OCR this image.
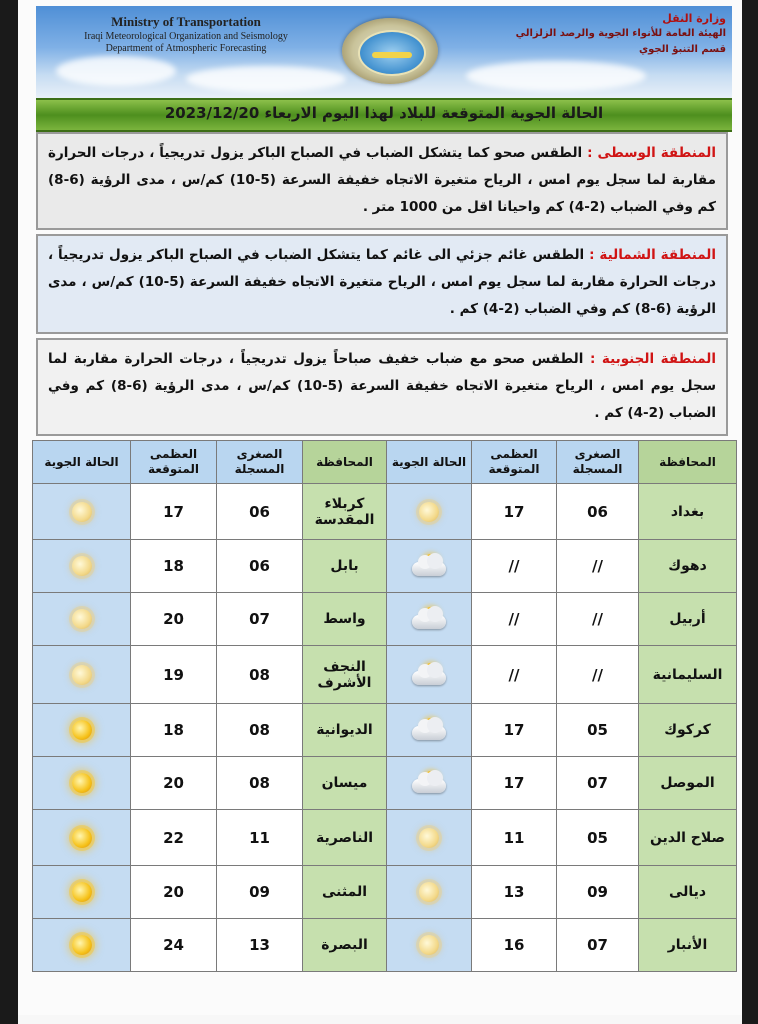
Ministry of Transportation
Iraqi Meteorological Organization and Seismology
Department of Atmospheric Forecasting
وزارة النقل
الهيئة العامة للأنواء الجوية والرصد الزلزالي
قسم التنبؤ الجوي
الحالة الجوية المتوقعة للبلاد لهذا اليوم الاربعاء 2023/12/20
المنطقة الوسطى : الطقس صحو كما يتشكل الضباب في الصباح الباكر يزول تدريجياً ، درجات الحرارة مقاربة لما سجل يوم امس ، الرياح متغيرة الاتجاه خفيفة السرعة (5-10) كم/س ، مدى الرؤية (6-8) كم وفي الضباب (2-4) كم واحيانا اقل من 1000 متر .
المنطقة الشمالية : الطقس غائم جزئي الى غائم كما يتشكل الضباب في الصباح الباكر يزول تدريجياً ، درجات الحرارة مقاربة لما سجل يوم امس ، الرياح متغيرة الاتجاه خفيفة السرعة (5-10) كم/س ، مدى الرؤية (6-8) كم وفي الضباب (2-4) كم .
المنطقة الجنوبية : الطقس صحو مع ضباب خفيف صباحاً يزول تدريجياً ، درجات الحرارة مقاربة لما سجل يوم امس ، الرياح متغيرة الاتجاه خفيفة السرعة (5-10) كم/س ، مدى الرؤية (6-8) كم وفي الضباب (2-4) كم .
المحافظة	الصغرى المسجلة	العظمى المتوقعة	الحالة الجوية	المحافظة	الصغرى المسجلة	العظمى المتوقعة	الحالة الجوية
بغداد	06	17		كربلاء المقدسة	06	17	

دهوك	//	//		بابل	06	18	

أربيل	//	//		واسط	07	20	

السليمانية	//	//		النجف الأشرف	08	19	

كركوك	05	17		الديوانية	08	18	

الموصل	07	17		ميسان	08	20	

صلاح الدين	05	11		الناصرية	11	22	

ديالى	09	13		المثنى	09	20	

الأنبار	07	16		البصرة	13	24	
